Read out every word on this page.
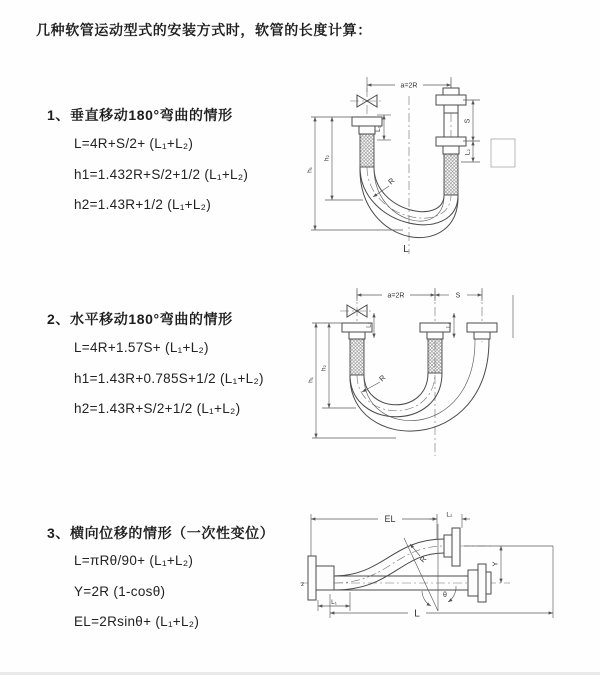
几种软管运动型式的安装方式时，软管的长度计算：
1、垂直移动180°弯曲的情形
L=4R+S/2+ (L₁+L₂)
h1=1.432R+S/2+1/2 (L₁+L₂)
h2=1.43R+1/2 (L₁+L₂)
2、水平移动180°弯曲的情形
L=4R+1.57S+ (L₁+L₂)
h1=1.43R+0.785S+1/2 (L₁+L₂)
h2=1.43R+S/2+1/2 (L₁+L₂)
3、横向位移的情形（一次性变位）
L=πRθ/90+ (L₁+L₂)
Y=2R (1-cosθ)
EL=2Rsinθ+ (L₁+L₂)
a=2R
L₁
S
L₂
h₂
h₁
R
L
a=2R	S
L₁	L₂
h₂
h₁	R
z
EL	L₂
Y
L
L₁
θ
R
